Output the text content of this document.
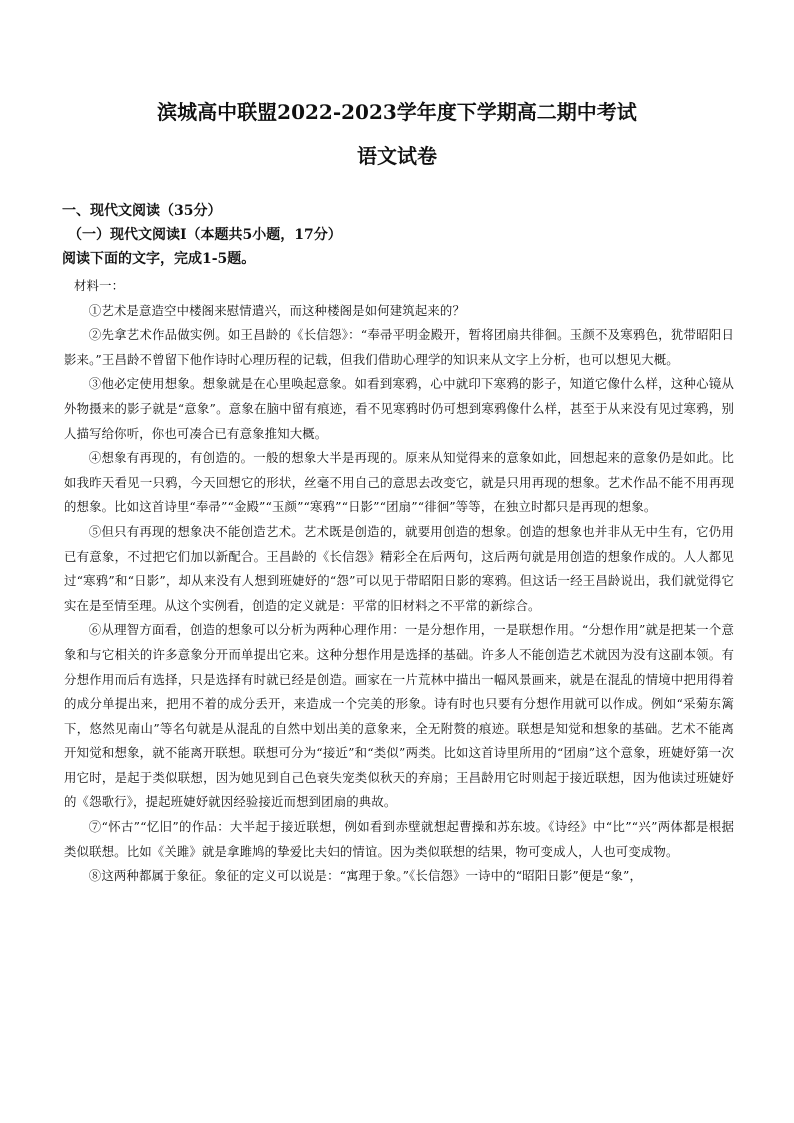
滨城高中联盟2022-2023学年度下学期高二期中考试
语文试卷
一、现代文阅读（35分）
（一）现代文阅读Ⅰ（本题共5小题，17分）
阅读下面的文字，完成1-5题。

材料一：

①艺术是意造空中楼阁来慰情遣兴，而这种楼阁是如何建筑起来的？

②先拿艺术作品做实例。如王昌龄的《长信怨》：“奉帚平明金殿开，暂将团扇共徘徊。玉颜不及寒鸦色，犹带昭阳日影来。”王昌龄不曾留下他作诗时心理历程的记载，但我们借助心理学的知识来从文字上分析，也可以想见大概。

③他必定使用想象。想象就是在心里唤起意象。如看到寒鸦，心中就印下寒鸦的影子，知道它像什么样，这种心镜从外物摄来的影子就是“意象”。意象在脑中留有痕迹，看不见寒鸦时仍可想到寒鸦像什么样，甚至于从来没有见过寒鸦，别人描写给你听，你也可凑合已有意象推知大概。

④想象有再现的，有创造的。一般的想象大半是再现的。原来从知觉得来的意象如此，回想起来的意象仍是如此。比如我昨天看见一只鸦，今天回想它的形状，丝毫不用自己的意思去改变它，就是只用再现的想象。艺术作品不能不用再现的想象。比如这首诗里“奉帚”“金殿”“玉颜”“寒鸦”“日影”“团扇”“徘徊”等等，在独立时都只是再现的想象。

⑤但只有再现的想象决不能创造艺术。艺术既是创造的，就要用创造的想象。创造的想象也并非从无中生有，它仍用已有意象，不过把它们加以新配合。王昌龄的《长信怨》精彩全在后两句，这后两句就是用创造的想象作成的。人人都见过“寒鸦”和“日影”，却从来没有人想到班婕妤的“怨”可以见于带昭阳日影的寒鸦。但这话一经王昌龄说出，我们就觉得它实在是至情至理。从这个实例看，创造的定义就是：平常的旧材料之不平常的新综合。

⑥从理智方面看，创造的想象可以分析为两种心理作用：一是分想作用，一是联想作用。“分想作用”就是把某一个意象和与它相关的许多意象分开而单提出它来。这种分想作用是选择的基础。许多人不能创造艺术就因为没有这副本领。有分想作用而后有选择，只是选择有时就已经是创造。画家在一片荒林中描出一幅风景画来，就是在混乱的情境中把用得着的成分单提出来，把用不着的成分丢开，来造成一个完美的形象。诗有时也只要有分想作用就可以作成。例如“采菊东篱下，悠然见南山”等名句就是从混乱的自然中划出美的意象来，全无附赘的痕迹。联想是知觉和想象的基础。艺术不能离开知觉和想象，就不能离开联想。联想可分为“接近”和“类似”两类。比如这首诗里所用的“团扇”这个意象，班婕妤第一次用它时，是起于类似联想，因为她见到自己色衰失宠类似秋天的弃扇；王昌龄用它时则起于接近联想，因为他读过班婕妤的《怨歌行》，提起班婕妤就因经验接近而想到团扇的典故。

⑦“怀古”“忆旧”的作品：大半起于接近联想，例如看到赤壁就想起曹操和苏东坡。《诗经》中“比”“兴”两体都是根据类似联想。比如《关雎》就是拿雎鸠的挚爱比夫妇的情谊。因为类似联想的结果，物可变成人，人也可变成物。

⑧这两种都属于象征。象征的定义可以说是：“寓理于象。”《长信怨》一诗中的“昭阳日影”便是“象”，
